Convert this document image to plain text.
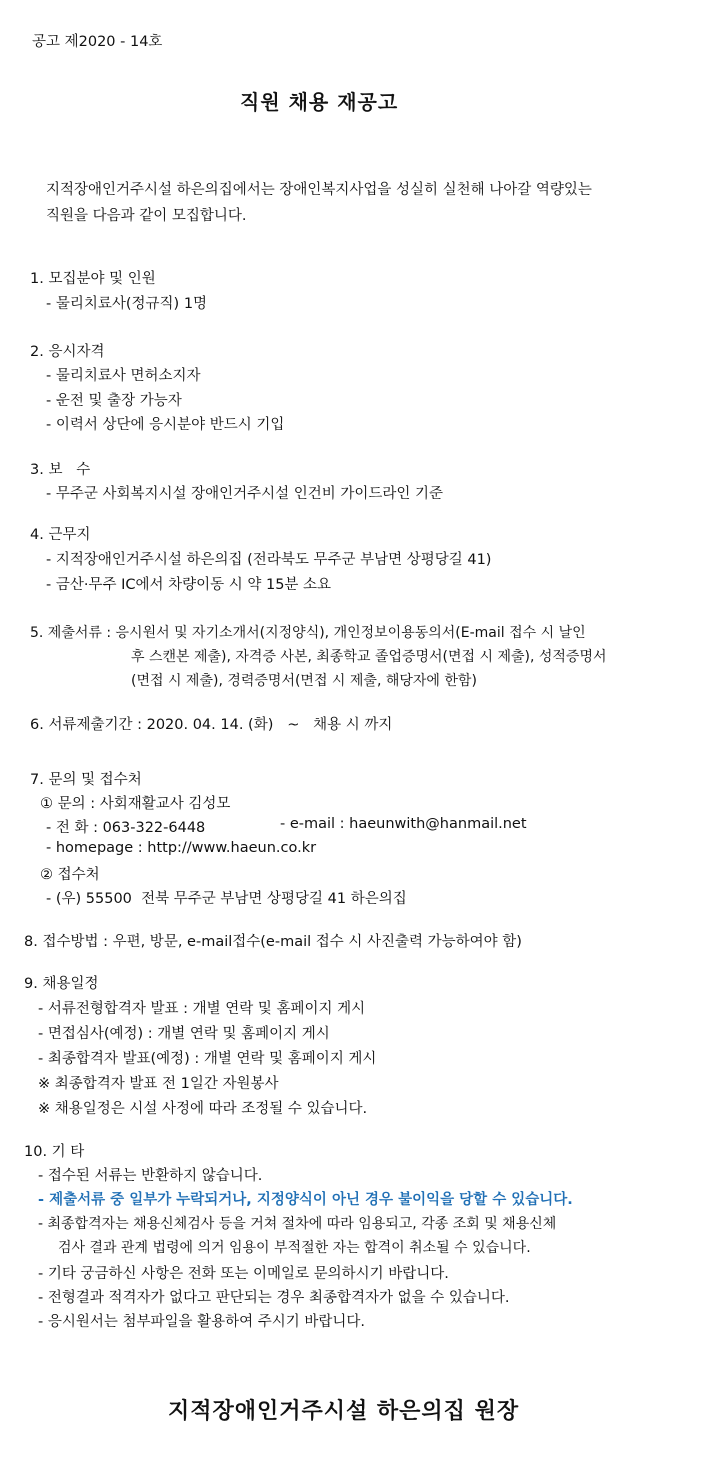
공고 제2020 - 14호
직원 채용 재공고
지적장애인거주시설 하은의집에서는 장애인복지사업을 성실히 실천해 나아갈 역량있는
직원을 다음과 같이 모집합니다.
1. 모집분야 및 인원
- 물리치료사(정규직) 1명
2. 응시자격
- 물리치료사 면허소지자
- 운전 및 출장 가능자
- 이력서 상단에 응시분야 반드시 기입
3. 보   수
- 무주군 사회복지시설 장애인거주시설 인건비 가이드라인 기준
4. 근무지
- 지적장애인거주시설 하은의집 (전라북도 무주군 부남면 상평당길 41)
- 금산·무주 IC에서 차량이동 시 약 15분 소요
5. 제출서류 : 응시원서 및 자기소개서(지정양식), 개인정보이용동의서(E-mail 접수 시 날인
후 스캔본 제출), 자격증 사본, 최종학교 졸업증명서(면접 시 제출), 성적증명서
(면접 시 제출), 경력증명서(면접 시 제출, 해당자에 한함)
6. 서류제출기간 : 2020. 04. 14. (화)   ~   채용 시 까지
7. 문의 및 접수처
① 문의 : 사회재활교사 김성모
- 전 화 : 063-322-6448	- e-mail : haeunwith@hanmail.net
- homepage : http://www.haeun.co.kr
② 접수처
- (우) 55500  전북 무주군 부남면 상평당길 41 하은의집
8. 접수방법 : 우편, 방문, e-mail접수(e-mail 접수 시 사진출력 가능하여야 함)
9. 채용일정
- 서류전형합격자 발표 : 개별 연락 및 홈페이지 게시
- 면접심사(예정) : 개별 연락 및 홈페이지 게시
- 최종합격자 발표(예정) : 개별 연락 및 홈페이지 게시
※ 최종합격자 발표 전 1일간 자원봉사
※ 채용일정은 시설 사정에 따라 조정될 수 있습니다.
10. 기 타
- 접수된 서류는 반환하지 않습니다.
- 제출서류 중 일부가 누락되거나, 지정양식이 아닌 경우 불이익을 당할 수 있습니다.
- 최종합격자는 채용신체검사 등을 거쳐 절차에 따라 임용되고, 각종 조회 및 채용신체
검사 결과 관계 법령에 의거 임용이 부적절한 자는 합격이 취소될 수 있습니다.
- 기타 궁금하신 사항은 전화 또는 이메일로 문의하시기 바랍니다.
- 전형결과 적격자가 없다고 판단되는 경우 최종합격자가 없을 수 있습니다.
- 응시원서는 첨부파일을 활용하여 주시기 바랍니다.
지적장애인거주시설 하은의집 원장
